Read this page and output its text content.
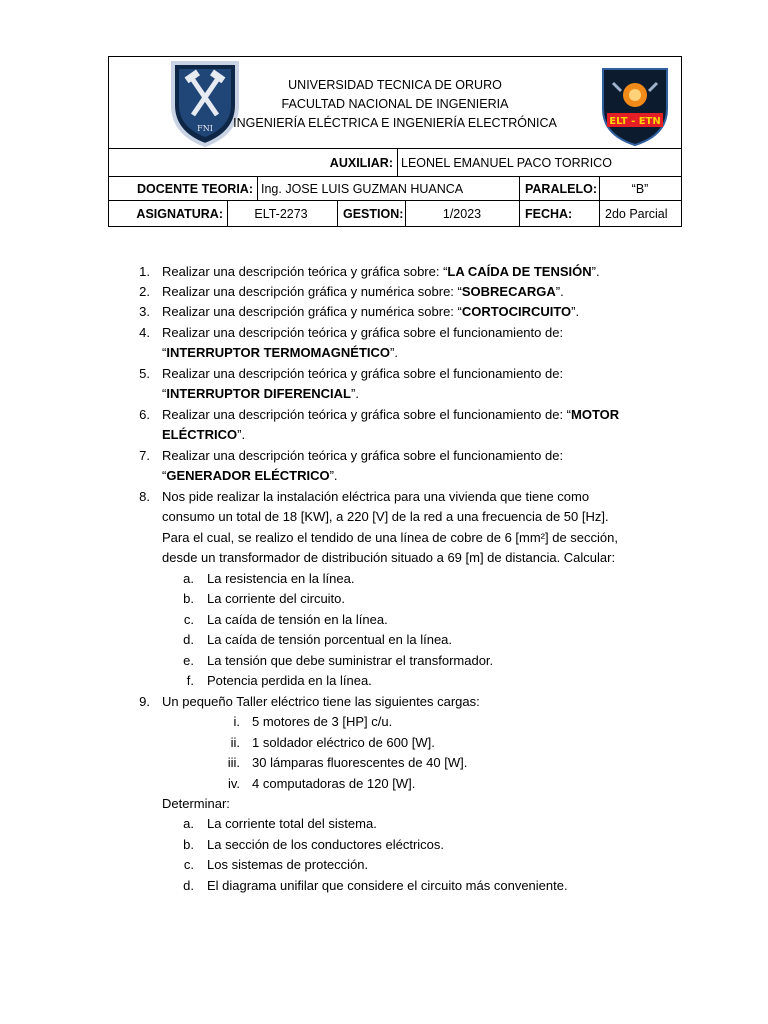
FNI
UNIVERSIDAD TECNICA DE ORURO
FACULTAD NACIONAL DE INGENIERIA
INGENIERÍA ELÉCTRICA E INGENIERÍA ELECTRÓNICA	ELT - ETN
AUXILIAR: LEONEL EMANUEL PACO TORRICO
DOCENTE TEORIA: Ing. JOSE LUIS GUZMAN HUANCA	PARALELO:	“B”
ASIGNATURA:	ELT-2273	GESTION:	1/2023	FECHA:	2do Parcial
1. Realizar una descripción teórica y gráfica sobre: “LA CAÍDA DE TENSIÓN”.
2. Realizar una descripción gráfica y numérica sobre: “SOBRECARGA”.
3. Realizar una descripción gráfica y numérica sobre: “CORTOCIRCUITO”.
4. Realizar una descripción teórica y gráfica sobre el funcionamiento de:
“INTERRUPTOR TERMOMAGNÉTICO”.
5. Realizar una descripción teórica y gráfica sobre el funcionamiento de:
“INTERRUPTOR DIFERENCIAL”.
6. Realizar una descripción teórica y gráfica sobre el funcionamiento de: “MOTOR
ELÉCTRICO”.
7. Realizar una descripción teórica y gráfica sobre el funcionamiento de:
“GENERADOR ELÉCTRICO”.
8. Nos pide realizar la instalación eléctrica para una vivienda que tiene como
consumo un total de 18 [KW], a 220 [V] de la red a una frecuencia de 50 [Hz].
Para el cual, se realizo el tendido de una línea de cobre de 6 [mm²] de sección,
desde un transformador de distribución situado a 69 [m] de distancia. Calcular:
a. La resistencia en la línea.
b. La corriente del circuito.
c. La caída de tensión en la línea.
d. La caída de tensión porcentual en la línea.
e. La tensión que debe suministrar el transformador.
f. Potencia perdida en la línea.
9. Un pequeño Taller eléctrico tiene las siguientes cargas:
i. 5 motores de 3 [HP] c/u.
ii. 1 soldador eléctrico de 600 [W].
iii. 30 lámparas fluorescentes de 40 [W].
iv. 4 computadoras de 120 [W].
Determinar:
a. La corriente total del sistema.
b. La sección de los conductores eléctricos.
c. Los sistemas de protección.
d. El diagrama unifilar que considere el circuito más conveniente.
